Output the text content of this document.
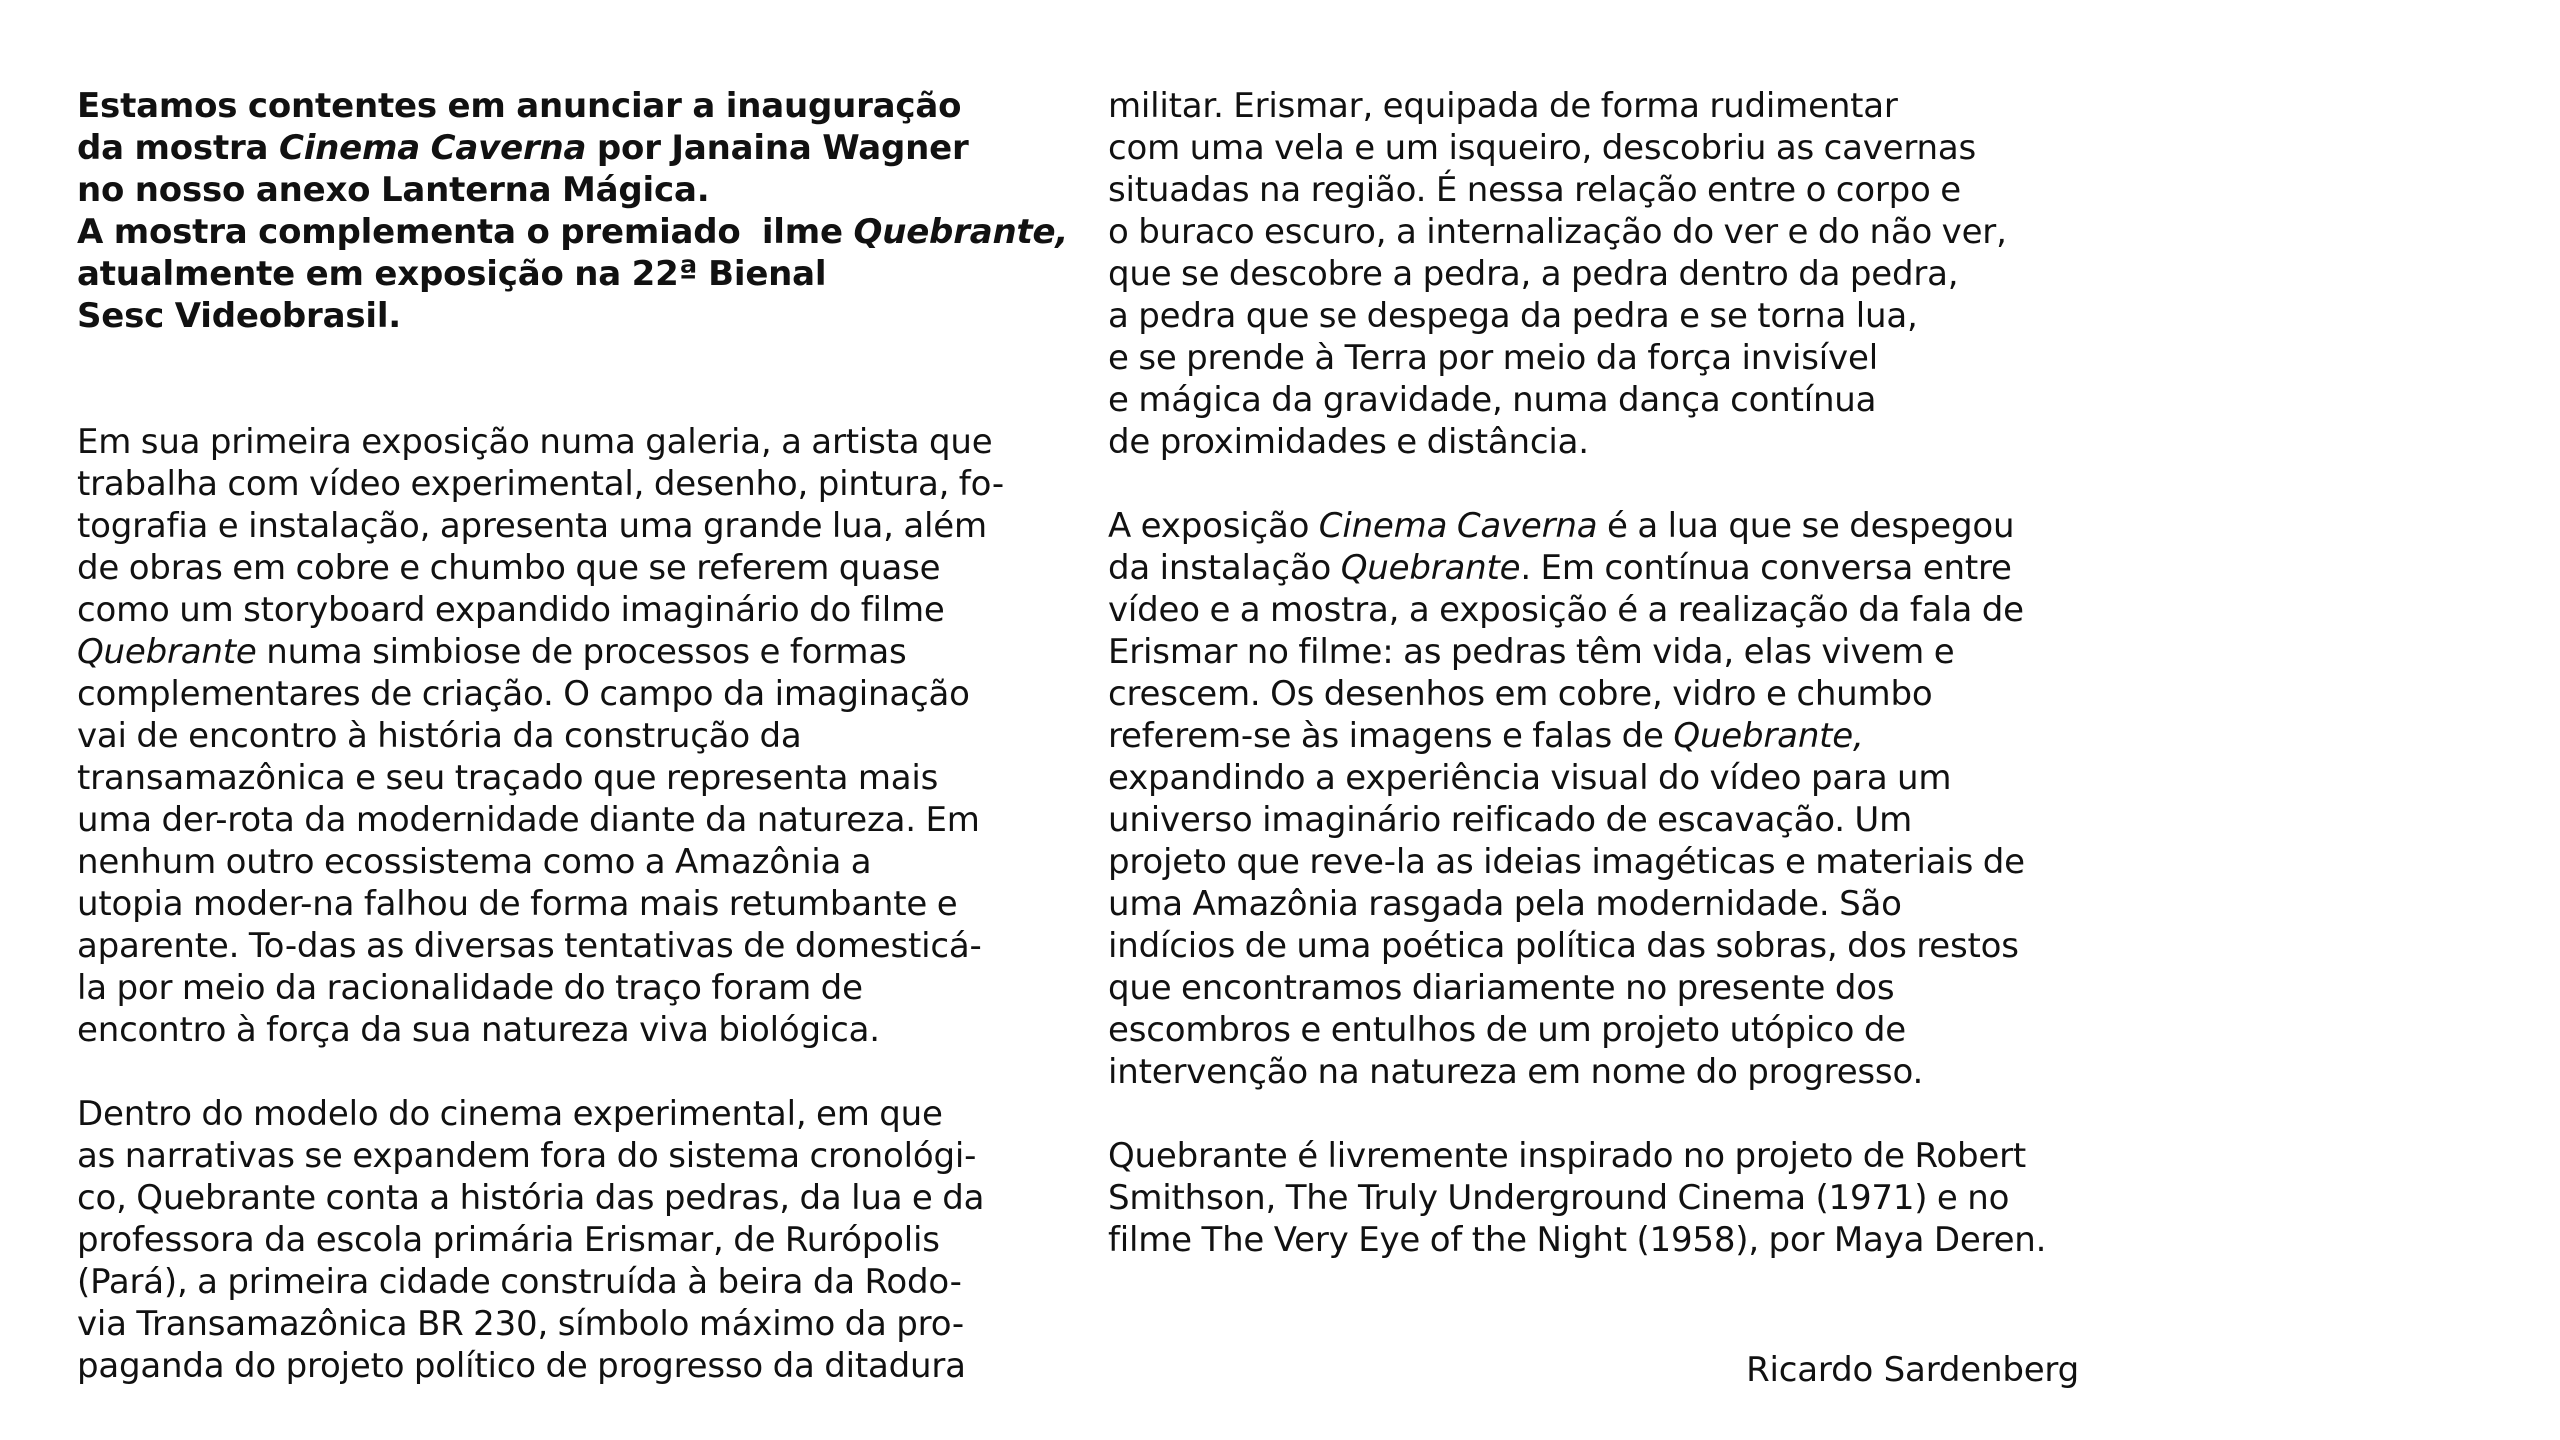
Estamos contentes em anunciar a inauguração
da mostra Cinema Caverna por Janaina Wagner
no nosso anexo Lanterna Mágica.
A mostra complementa o premiado  ilme Quebrante,
atualmente em exposição na 22ª Bienal
Sesc Videobrasil.
Em sua primeira exposição numa galeria, a artista que
trabalha com vídeo experimental, desenho, pintura, fo-
tografia e instalação, apresenta uma grande lua, além
de obras em cobre e chumbo que se referem quase
como um storyboard expandido imaginário do filme
Quebrante numa simbiose de processos e formas
complementares de criação. O campo da imaginação
vai de encontro à história da construção da
transamazônica e seu traçado que representa mais
uma der-rota da modernidade diante da natureza. Em
nenhum outro ecossistema como a Amazônia a
utopia moder-na falhou de forma mais retumbante e
aparente. To-das as diversas tentativas de domesticá-
la por meio da racionalidade do traço foram de
encontro à força da sua natureza viva biológica.
Dentro do modelo do cinema experimental, em que
as narrativas se expandem fora do sistema cronológi-
co, Quebrante conta a história das pedras, da lua e da
professora da escola primária Erismar, de Rurópolis
(Pará), a primeira cidade construída à beira da Rodo-
via Transamazônica BR 230, símbolo máximo da pro-
paganda do projeto político de progresso da ditadura
militar. Erismar, equipada de forma rudimentar
com uma vela e um isqueiro, descobriu as cavernas
situadas na região. É nessa relação entre o corpo e
o buraco escuro, a internalização do ver e do não ver,
que se descobre a pedra, a pedra dentro da pedra,
a pedra que se despega da pedra e se torna lua,
e se prende à Terra por meio da força invisível
e mágica da gravidade, numa dança contínua
de proximidades e distância.
A exposição Cinema Caverna é a lua que se despegou
da instalação Quebrante. Em contínua conversa entre
vídeo e a mostra, a exposição é a realização da fala de
Erismar no filme: as pedras têm vida, elas vivem e
crescem. Os desenhos em cobre, vidro e chumbo
referem-se às imagens e falas de Quebrante,
expandindo a experiência visual do vídeo para um
universo imaginário reificado de escavação. Um
projeto que reve-la as ideias imagéticas e materiais de
uma Amazônia rasgada pela modernidade. São
indícios de uma poética política das sobras, dos restos
que encontramos diariamente no presente dos
escombros e entulhos de um projeto utópico de
intervenção na natureza em nome do progresso.
Quebrante é livremente inspirado no projeto de Robert
Smithson, The Truly Underground Cinema (1971) e no
filme The Very Eye of the Night (1958), por Maya Deren.
Ricardo Sardenberg
